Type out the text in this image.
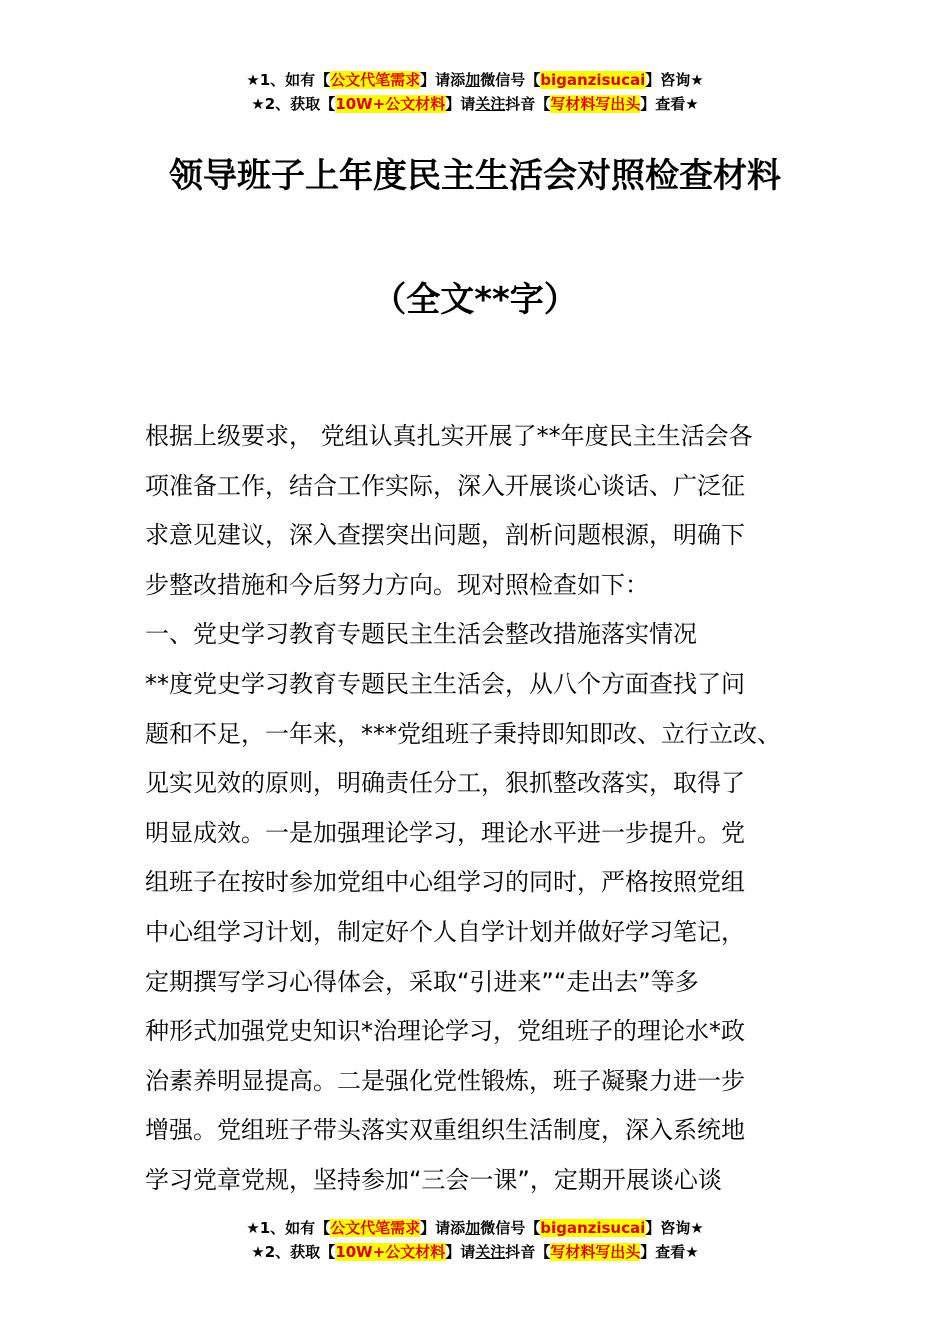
★1、如有【公文代笔需求】请添加微信号【biganzisucai】咨询★
★2、获取【10W+公文材料】请关注抖音【写材料写出头】查看★
领导班子上年度民主生活会对照检查材料
（全文**字）
根据上级要求， 党组认真扎实开展了**年度民主生活会各
项准备工作，结合工作实际，深入开展谈心谈话、广泛征
求意见建议，深入查摆突出问题，剖析问题根源，明确下
步整改措施和今后努力方向。现对照检查如下：
一、党史学习教育专题民主生活会整改措施落实情况
**度党史学习教育专题民主生活会，从八个方面查找了问
题和不足，一年来，***党组班子秉持即知即改、立行立改、
见实见效的原则，明确责任分工，狠抓整改落实，取得了
明显成效。一是加强理论学习，理论水平进一步提升。党
组班子在按时参加党组中心组学习的同时，严格按照党组
中心组学习计划，制定好个人自学计划并做好学习笔记，
定期撰写学习心得体会，采取“引进来”“走出去”等多
种形式加强党史知识*治理论学习，党组班子的理论水*政
治素养明显提高。二是强化党性锻炼，班子凝聚力进一步
增强。党组班子带头落实双重组织生活制度，深入系统地
学习党章党规，坚持参加“三会一课”，定期开展谈心谈
★1、如有【公文代笔需求】请添加微信号【biganzisucai】咨询★
★2、获取【10W+公文材料】请关注抖音【写材料写出头】查看★
